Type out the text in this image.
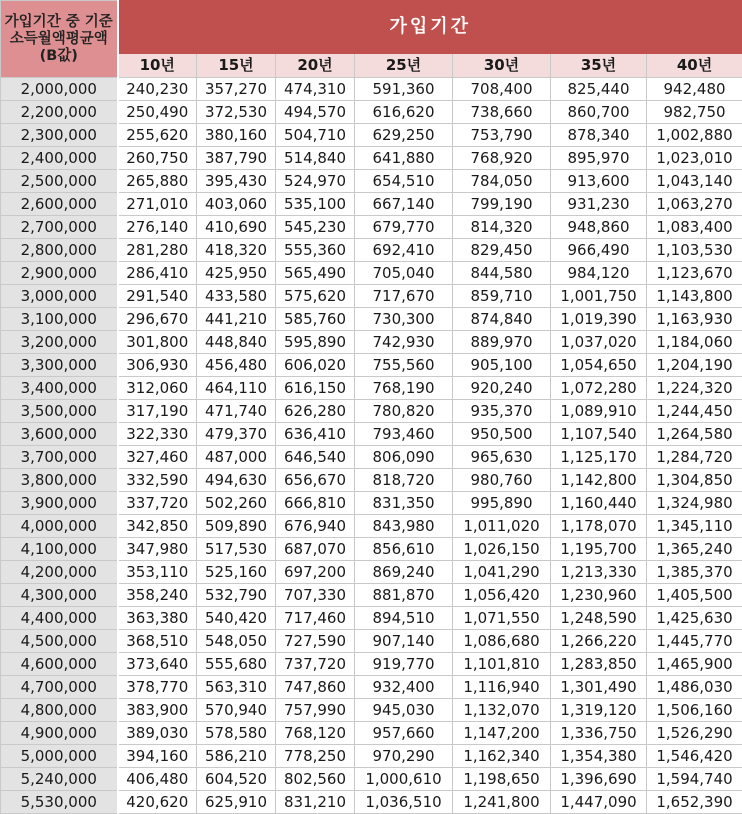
가입기간 중 기준소득월액평균액(B값)	가입기간						
	10년	15년	20년	25년	30년	35년	40년
2,000,000	240,230	357,270	474,310	591,360	708,400	825,440	942,480
2,200,000	250,490	372,530	494,570	616,620	738,660	860,700	982,750
2,300,000	255,620	380,160	504,710	629,250	753,790	878,340	1,002,880
2,400,000	260,750	387,790	514,840	641,880	768,920	895,970	1,023,010
2,500,000	265,880	395,430	524,970	654,510	784,050	913,600	1,043,140
2,600,000	271,010	403,060	535,100	667,140	799,190	931,230	1,063,270
2,700,000	276,140	410,690	545,230	679,770	814,320	948,860	1,083,400
2,800,000	281,280	418,320	555,360	692,410	829,450	966,490	1,103,530
2,900,000	286,410	425,950	565,490	705,040	844,580	984,120	1,123,670
3,000,000	291,540	433,580	575,620	717,670	859,710	1,001,750	1,143,800
3,100,000	296,670	441,210	585,760	730,300	874,840	1,019,390	1,163,930
3,200,000	301,800	448,840	595,890	742,930	889,970	1,037,020	1,184,060
3,300,000	306,930	456,480	606,020	755,560	905,100	1,054,650	1,204,190
3,400,000	312,060	464,110	616,150	768,190	920,240	1,072,280	1,224,320
3,500,000	317,190	471,740	626,280	780,820	935,370	1,089,910	1,244,450
3,600,000	322,330	479,370	636,410	793,460	950,500	1,107,540	1,264,580
3,700,000	327,460	487,000	646,540	806,090	965,630	1,125,170	1,284,720
3,800,000	332,590	494,630	656,670	818,720	980,760	1,142,800	1,304,850
3,900,000	337,720	502,260	666,810	831,350	995,890	1,160,440	1,324,980
4,000,000	342,850	509,890	676,940	843,980	1,011,020	1,178,070	1,345,110
4,100,000	347,980	517,530	687,070	856,610	1,026,150	1,195,700	1,365,240
4,200,000	353,110	525,160	697,200	869,240	1,041,290	1,213,330	1,385,370
4,300,000	358,240	532,790	707,330	881,870	1,056,420	1,230,960	1,405,500
4,400,000	363,380	540,420	717,460	894,510	1,071,550	1,248,590	1,425,630
4,500,000	368,510	548,050	727,590	907,140	1,086,680	1,266,220	1,445,770
4,600,000	373,640	555,680	737,720	919,770	1,101,810	1,283,850	1,465,900
4,700,000	378,770	563,310	747,860	932,400	1,116,940	1,301,490	1,486,030
4,800,000	383,900	570,940	757,990	945,030	1,132,070	1,319,120	1,506,160
4,900,000	389,030	578,580	768,120	957,660	1,147,200	1,336,750	1,526,290
5,000,000	394,160	586,210	778,250	970,290	1,162,340	1,354,380	1,546,420
5,240,000	406,480	604,520	802,560	1,000,610	1,198,650	1,396,690	1,594,740
5,530,000	420,620	625,910	831,210	1,036,510	1,241,800	1,447,090	1,652,390
